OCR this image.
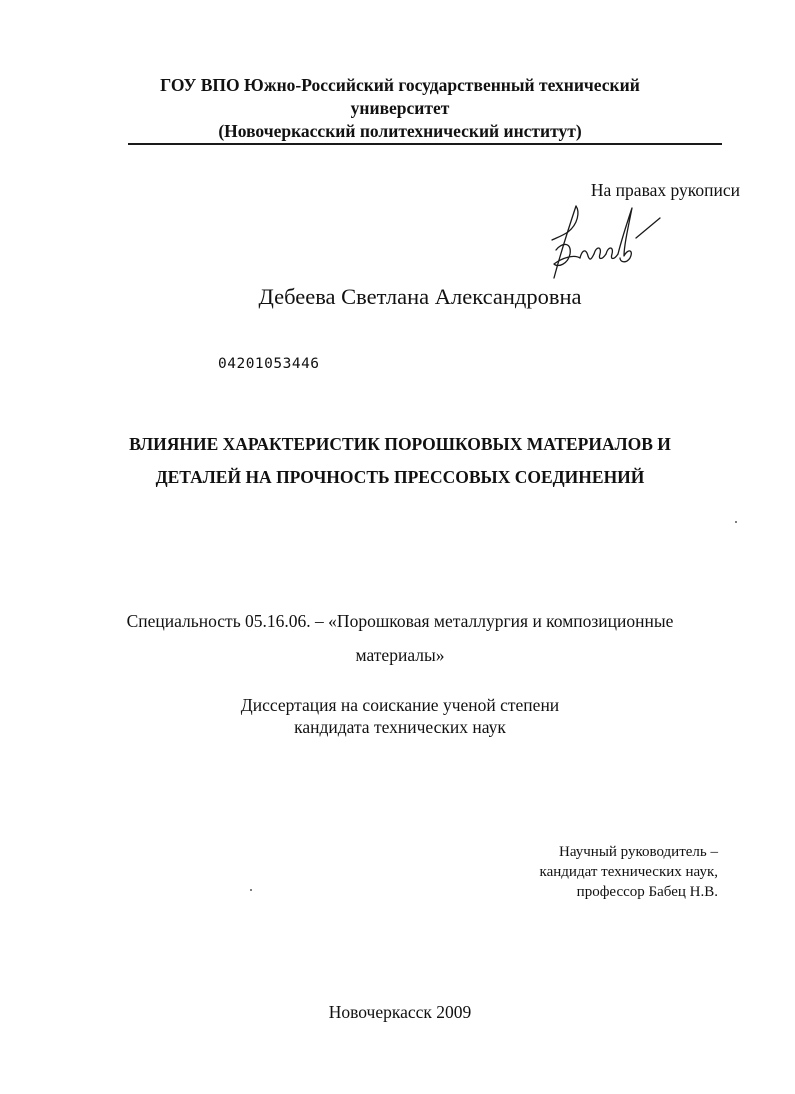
ГОУ ВПО Южно-Российский государственный технический
университет
(Новочеркасский политехнический институт)
На правах рукописи
Дебеева Светлана Александровна
04201053446
ВЛИЯНИЕ ХАРАКТЕРИСТИК ПОРОШКОВЫХ МАТЕРИАЛОВ И
ДЕТАЛЕЙ НА ПРОЧНОСТЬ ПРЕССОВЫХ СОЕДИНЕНИЙ
Специальность 05.16.06. – «Порошковая металлургия и композиционные
материалы»
Диссертация на соискание ученой степени
кандидата технических наук
Научный руководитель –
кандидат технических наук,
профессор Бабец Н.В.
Новочеркасск 2009
